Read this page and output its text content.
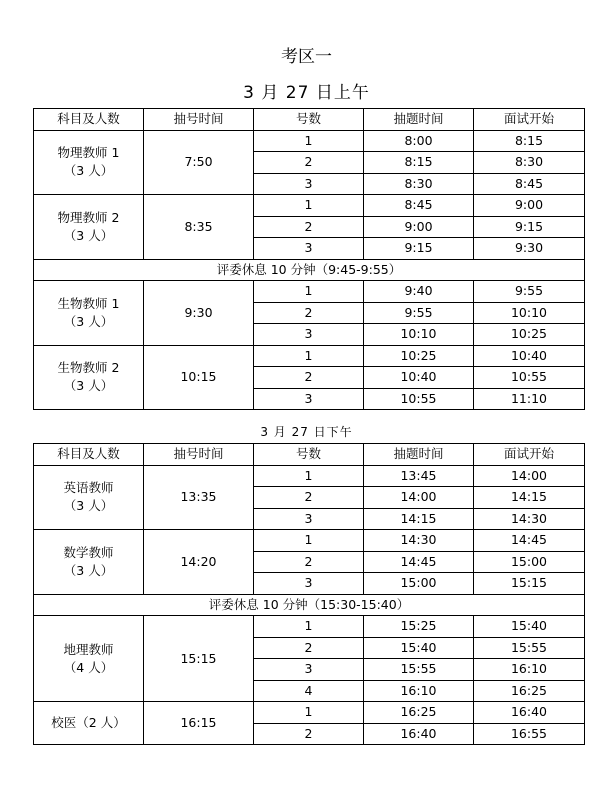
考区一
3 月 27 日上午
科目及人数	抽号时间	号数	抽题时间	面试开始

物理教师 1
（3 人）	7:50	1	8:00	8:15
		2	8:15	8:30
		3	8:30	8:45

物理教师 2
（3 人）	8:35	1	8:45	9:00
		2	9:00	9:15
		3	9:15	9:30
评委休息 10 分钟（9:45-9:55）				

生物教师 1
（3 人）	9:30	1	9:40	9:55
		2	9:55	10:10
		3	10:10	10:25

生物教师 2
（3 人）	10:15	1	10:25	10:40
		2	10:40	10:55
		3	10:55	11:10
3 月 27 日下午
科目及人数	抽号时间	号数	抽题时间	面试开始

英语教师
（3 人）	13:35	1	13:45	14:00
		2	14:00	14:15
		3	14:15	14:30

数学教师
（3 人）	14:20	1	14:30	14:45
		2	14:45	15:00
		3	15:00	15:15
评委休息 10 分钟（15:30-15:40）				

地理教师
（4 人）	15:15	1	15:25	15:40
		2	15:40	15:55
		3	15:55	16:10
		4	16:10	16:25

校医（2 人）	16:15	1	16:25	16:40
		2	16:40	16:55
